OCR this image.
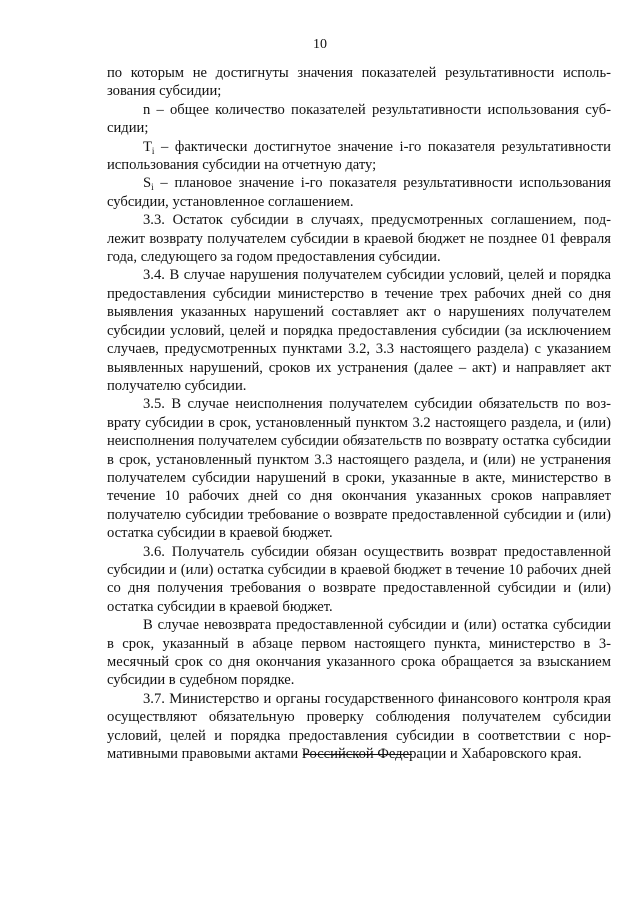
10

по которым не достигнуты значения показателей результативности использования субсидии;

n – общее количество показателей результативности использования субсидии;

$T_i$ – фактически достигнутое значение i-го показателя результативности использования субсидии на отчетную дату;

$S_i$ – плановое значение i-го показателя результативности использования субсидии, установленное соглашением.

3.3. Остаток субсидии в случаях, предусмотренных соглашением, подлежит возврату получателем субсидии в краевой бюджет не позднее 01 февраля года, следующего за годом предоставления субсидии.

3.4. В случае нарушения получателем субсидии условий, целей и порядка предоставления субсидии министерство в течение трех рабочих дней со дня выявления указанных нарушений составляет акт о нарушениях получателем субсидии условий, целей и порядка предоставления субсидии (за исключением случаев, предусмотренных пунктами 3.2, 3.3 настоящего раздела) с указанием выявленных нарушений, сроков их устранения (далее – акт) и направляет акт получателю субсидии.

3.5. В случае неисполнения получателем субсидии обязательств по возврату субсидии в срок, установленный пунктом 3.2 настоящего раздела, и (или) неисполнения получателем субсидии обязательств по возврату остатка субсидии в срок, установленный пунктом 3.3 настоящего раздела, и (или) не устранения получателем субсидии нарушений в сроки, указанные в акте, министерство в течение 10 рабочих дней со дня окончания указанных сроков направляет получателю субсидии требование о возврате предоставленной субсидии и (или) остатка субсидии в краевой бюджет.

3.6. Получатель субсидии обязан осуществить возврат предоставленной субсидии и (или) остатка субсидии в краевой бюджет в течение 10 рабочих дней со дня получения требования о возврате предоставленной субсидии и (или) остатка субсидии в краевой бюджет.

В случае невозврата предоставленной субсидии и (или) остатка субсидии в срок, указанный в абзаце первом настоящего пункта, министерство в 3-месячный срок со дня окончания указанного срока обращается за взысканием субсидии в судебном порядке.

3.7. Министерство и органы государственного финансового контроля края осуществляют обязательную проверку соблюдения получателем субсидии условий, целей и порядка предоставления субсидии в соответствии с нормативными правовыми актами Российской Федерации и Хабаровского края.
